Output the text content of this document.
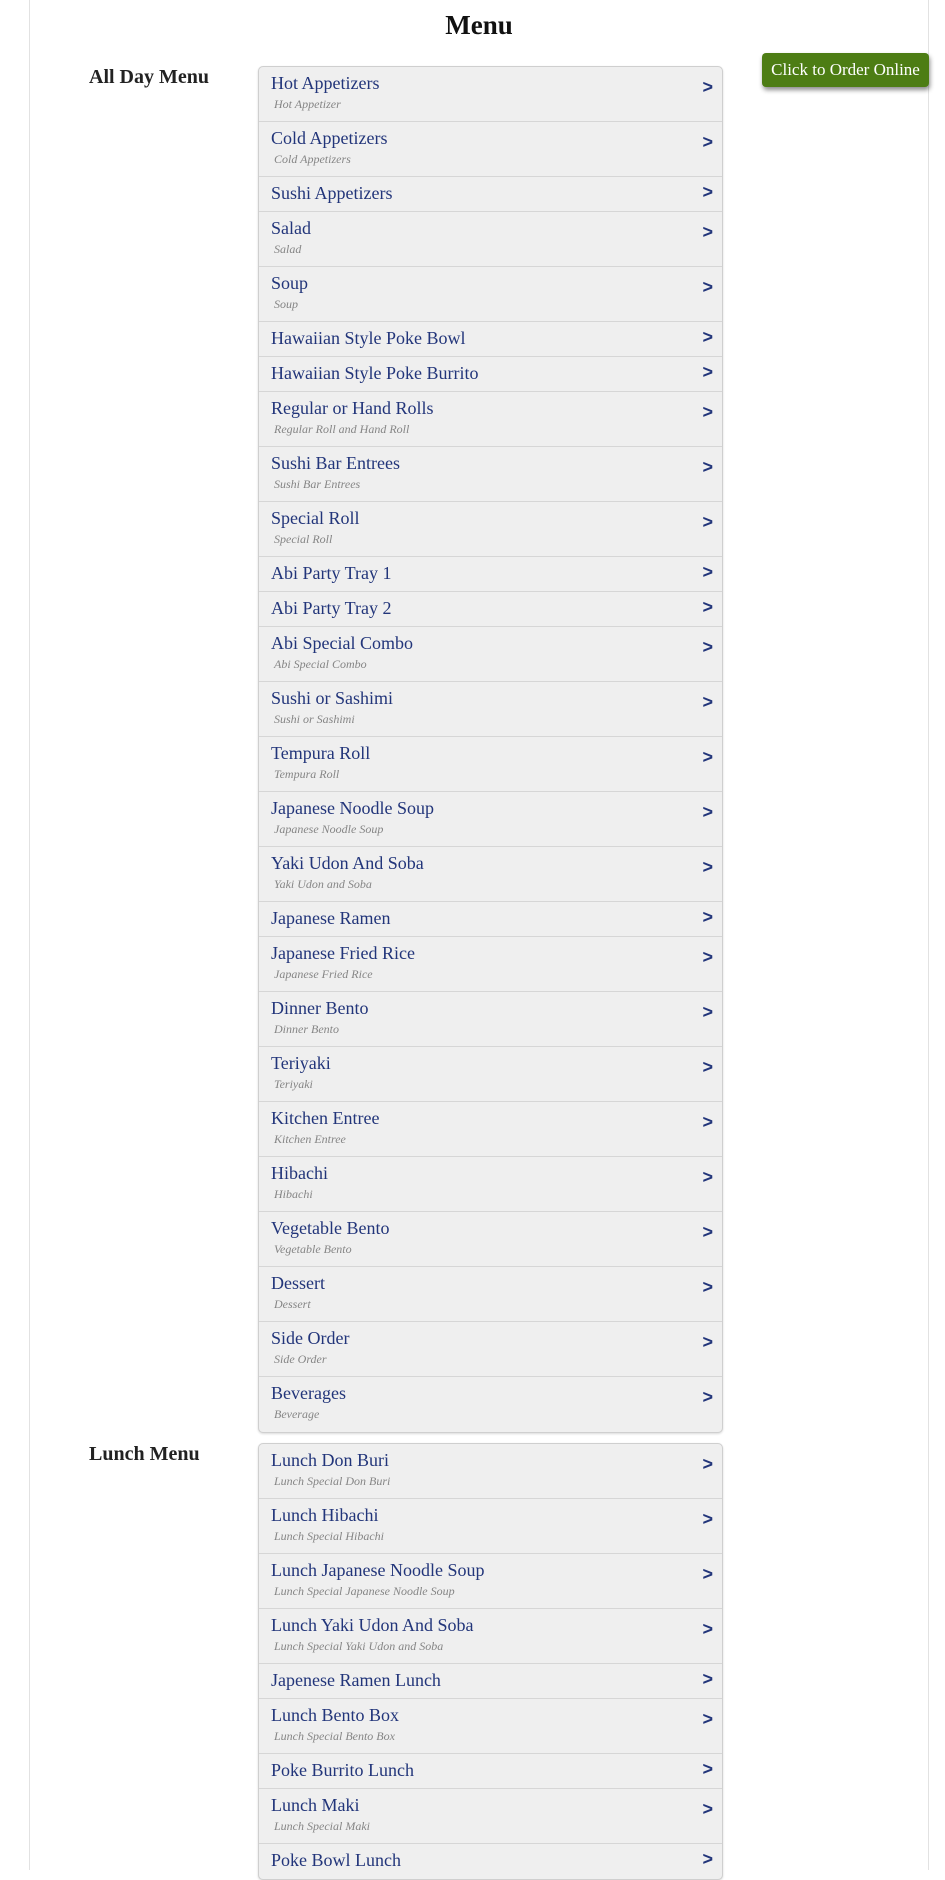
Menu
Click to Order Online
All Day Menu	Hot Appetizers
Hot Appetizer
>
Cold Appetizers
Cold Appetizers
>
Sushi Appetizers	>
Salad
Salad
>
Soup
Soup
>
Hawaiian Style Poke Bowl	>
Hawaiian Style Poke Burrito	>
Regular or Hand Rolls
Regular Roll and Hand Roll
>
Sushi Bar Entrees
Sushi Bar Entrees
>
Special Roll
Special Roll
>
Abi Party Tray 1	>
Abi Party Tray 2	>
Abi Special Combo
Abi Special Combo
>
Sushi or Sashimi
Sushi or Sashimi
>
Tempura Roll
Tempura Roll
>
Japanese Noodle Soup
Japanese Noodle Soup
>
Yaki Udon And Soba
Yaki Udon and Soba
>
Japanese Ramen	>
Japanese Fried Rice
Japanese Fried Rice
>
Dinner Bento
Dinner Bento
>
Teriyaki
Teriyaki
>
Kitchen Entree
Kitchen Entree
>
Hibachi
Hibachi
>
Vegetable Bento
Vegetable Bento
>
Dessert
Dessert
>
Side Order
Side Order
>
Beverages
Beverage
>
Lunch Menu	Lunch Don Buri
Lunch Special Don Buri
>
Lunch Hibachi
Lunch Special Hibachi
>
Lunch Japanese Noodle Soup
Lunch Special Japanese Noodle Soup
>
Lunch Yaki Udon And Soba
Lunch Special Yaki Udon and Soba
>
Japenese Ramen Lunch	>
Lunch Bento Box
Lunch Special Bento Box
>
Poke Burrito Lunch	>
Lunch Maki
Lunch Special Maki
>
Poke Bowl Lunch	>
